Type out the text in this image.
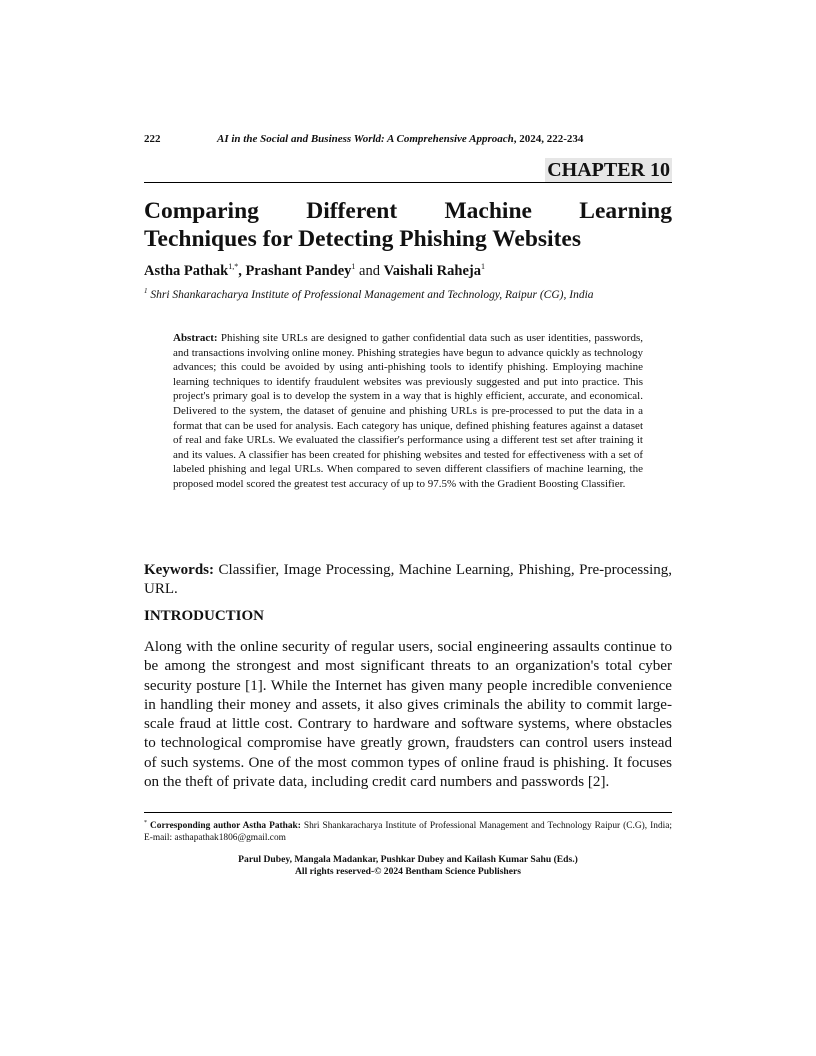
222	AI in the Social and Business World: A Comprehensive Approach, 2024, 222-234
CHAPTER 10
Comparing Different Machine Learning
Techniques for Detecting Phishing Websites
Astha Pathak$^{1,*}$, Prashant Pandey$^1$ and Vaishali Raheja$^1$
$^1$ Shri Shankaracharya Institute of Professional Management and Technology, Raipur (CG), India

Abstract: Phishing site URLs are designed to gather confidential data such as user identities, passwords, and transactions involving online money. Phishing strategies have begun to advance quickly as technology advances; this could be avoided by using anti-phishing tools to identify phishing. Employing machine learning techniques to identify fraudulent websites was previously suggested and put into practice. This project's primary goal is to develop the system in a way that is highly efficient, accurate, and economical. Delivered to the system, the dataset of genuine and phishing URLs is pre-processed to put the data in a format that can be used for analysis. Each category has unique, defined phishing features against a dataset of real and fake URLs. We evaluated the classifier's performance using a different test set after training it and its values. A classifier has been created for phishing websites and tested for effectiveness with a set of labeled phishing and legal URLs. When compared to seven different classifiers of machine learning, the proposed model scored the greatest test accuracy of up to 97.5% with the Gradient Boosting Classifier.

Keywords: Classifier, Image Processing, Machine Learning, Phishing, Pre-processing, URL.

INTRODUCTION

Along with the online security of regular users, social engineering assaults continue to be among the strongest and most significant threats to an organization's total cyber security posture [1]. While the Internet has given many people incredible convenience in handling their money and assets, it also gives criminals the ability to commit large-scale fraud at little cost. Contrary to hardware and software systems, where obstacles to technological compromise have greatly grown, fraudsters can control users instead of such systems. One of the most common types of online fraud is phishing. It focuses on the theft of private data, including credit card numbers and passwords [2].

* Corresponding author Astha Pathak: Shri Shankaracharya Institute of Professional Management and Technology Raipur (C.G), India; E-mail: asthapathak1806@gmail.com

Parul Dubey, Mangala Madankar, Pushkar Dubey and Kailash Kumar Sahu (Eds.)
All rights reserved-© 2024 Bentham Science Publishers
